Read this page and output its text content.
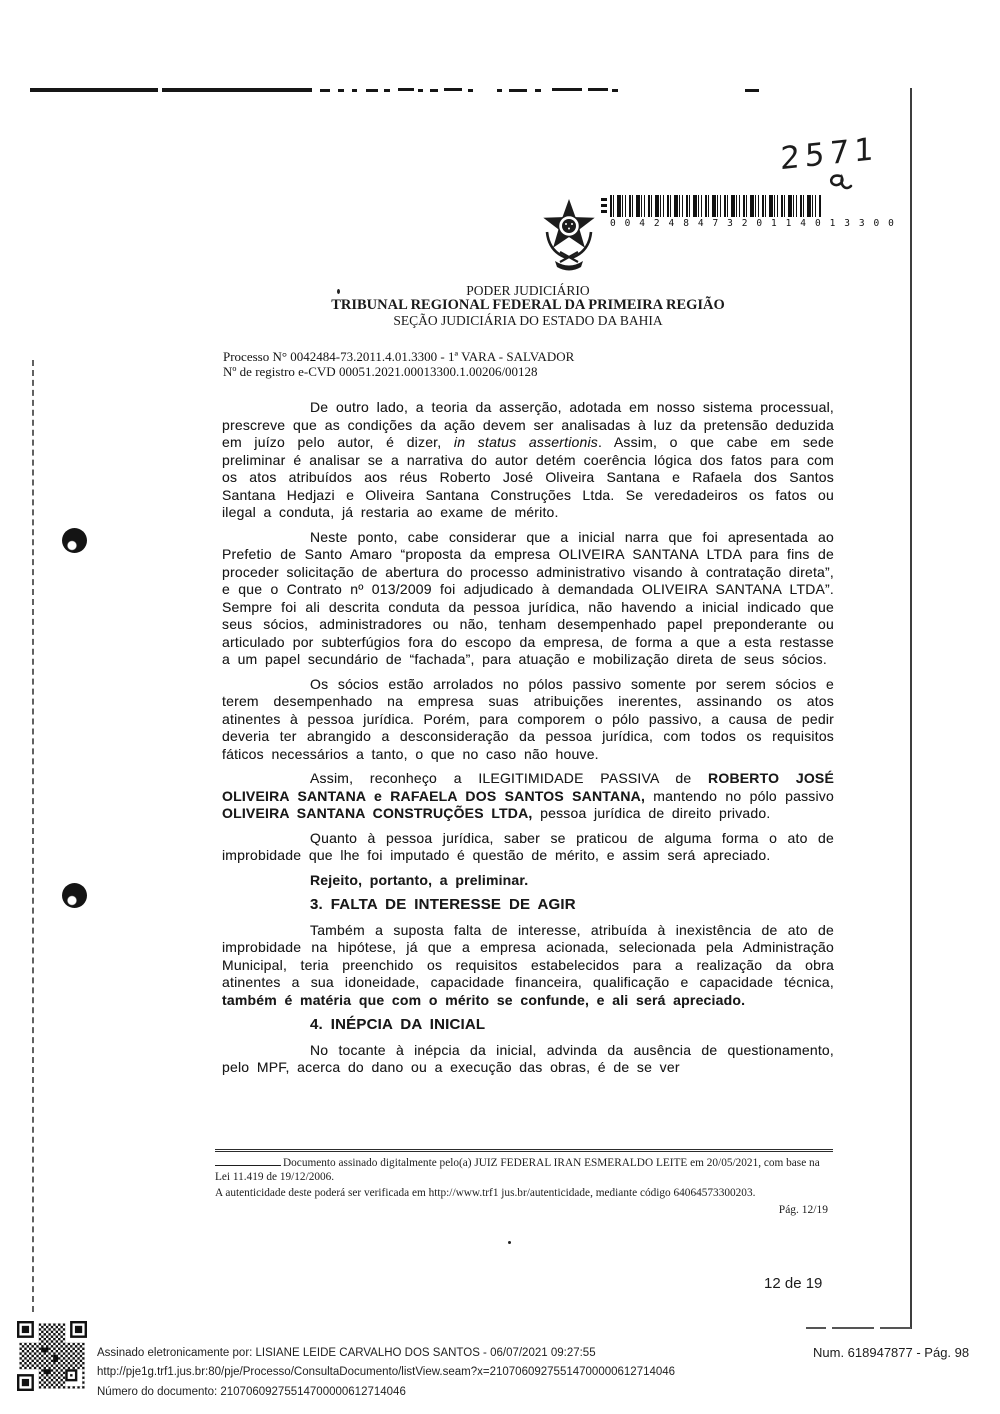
2571
0 0 4 2 4 8 4 7 3 2 0 1 1 4 0 1 3 3 0 0
PODER JUDICIÁRIO
TRIBUNAL REGIONAL FEDERAL DA PRIMEIRA REGIÃO
SEÇÃO JUDICIÁRIA DO ESTADO DA BAHIA
Processo N° 0042484-73.2011.4.01.3300 - 1ª VARA - SALVADOR
Nº de registro e-CVD 00051.2021.00013300.1.00206/00128

De outro lado, a teoria da asserção, adotada em nosso sistema processual, prescreve que as condições da ação devem ser analisadas à luz da pretensão deduzida em juízo pelo autor, é dizer, in status assertionis. Assim, o que cabe em sede preliminar é analisar se a narrativa do autor detém coerência lógica dos fatos para com os atos atribuídos aos réus Roberto José Oliveira Santana e Rafaela dos Santos Santana Hedjazi e Oliveira Santana Construções Ltda. Se veredadeiros os fatos ou ilegal a conduta, já restaria ao exame de mérito.

Neste ponto, cabe considerar que a inicial narra que foi apresentada ao Prefetio de Santo Amaro “proposta da empresa OLIVEIRA SANTANA LTDA para fins de proceder solicitação de abertura do processo administrativo visando à contratação direta”, e que o Contrato nº 013/2009 foi adjudicado à demandada OLIVEIRA SANTANA LTDA”. Sempre foi ali descrita conduta da pessoa jurídica, não havendo a inicial indicado que seus sócios, administradores ou não, tenham desempenhado papel preponderante ou articulado por subterfúgios fora do escopo da empresa, de forma a que a esta restasse a um papel secundário de “fachada”, para atuação e mobilização direta de seus sócios.

Os sócios estão arrolados no pólos passivo somente por serem sócios e terem desempenhado na empresa suas atribuições inerentes, assinando os atos atinentes à pessoa jurídica. Porém, para comporem o pólo passivo, a causa de pedir deveria ter abrangido a desconsideração da pessoa jurídica, com todos os requisitos fáticos necessários a tanto, o que no caso não houve.

Assim, reconheço a ILEGITIMIDADE PASSIVA de ROBERTO JOSÉ OLIVEIRA SANTANA e RAFAELA DOS SANTOS SANTANA, mantendo no pólo passivo OLIVEIRA SANTANA CONSTRUÇÕES LTDA, pessoa jurídica de direito privado.

Quanto à pessoa jurídica, saber se praticou de alguma forma o ato de improbidade que lhe foi imputado é questão de mérito, e assim será apreciado.

Rejeito, portanto, a preliminar.

3. FALTA DE INTERESSE DE AGIR

Também a suposta falta de interesse, atribuída à inexistência de ato de improbidade na hipótese, já que a empresa acionada, selecionada pela Administração Municipal, teria preenchido os requisitos estabelecidos para a realização da obra atinentes a sua idoneidade, capacidade financeira, qualificação e capacidade técnica, também é matéria que com o mérito se confunde, e ali será apreciado.

4. INÉPCIA DA INICIAL

No tocante à inépcia da inicial, advinda da ausência de questionamento, pelo MPF, acerca do dano ou a execução das obras, é de se ver

Documento assinado digitalmente pelo(a) JUIZ FEDERAL IRAN ESMERALDO LEITE em 20/05/2021, com base na Lei 11.419 de 19/12/2006.

A autenticidade deste poderá ser verificada em http://www.trf1 jus.br/autenticidade, mediante código 64064573300203.

Pág. 12/19
12 de 19
Assinado eletronicamente por: LISIANE LEIDE CARVALHO DOS SANTOS - 06/07/2021 09:27:55
http://pje1g.trf1.jus.br:80/pje/Processo/ConsultaDocumento/listView.seam?x=21070609275514700000612714046
Número do documento: 21070609275514700000612714046
Num. 618947877 - Pág. 98
